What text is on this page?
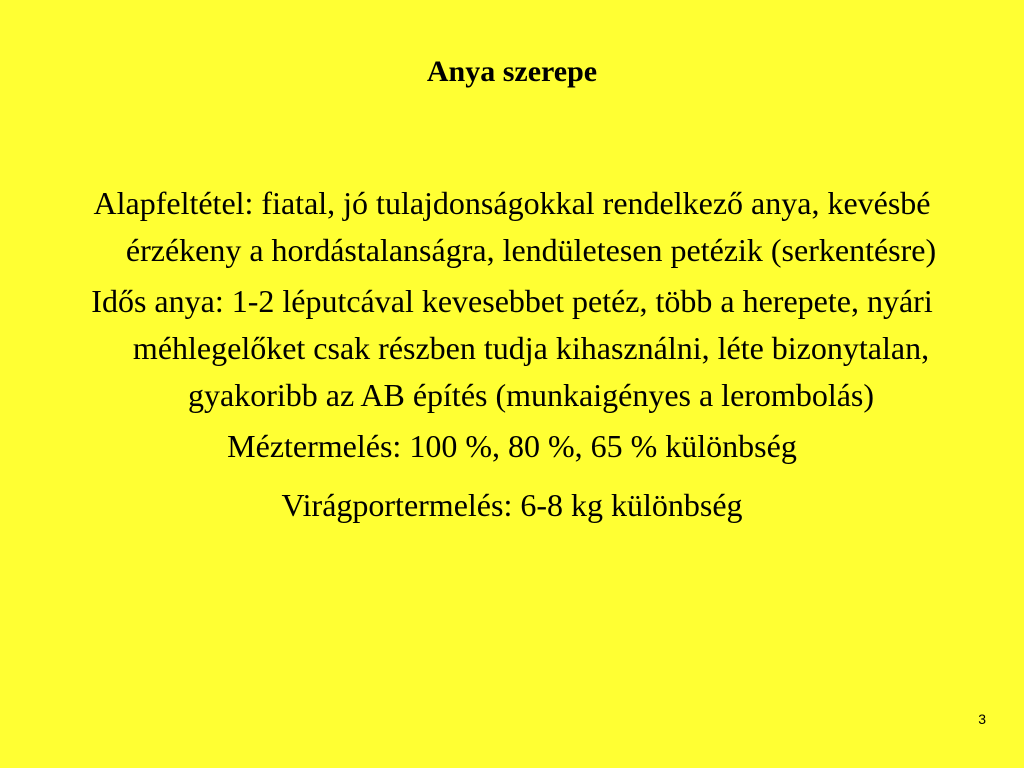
Anya szerepe

Alapfeltétel: fiatal, jó tulajdonságokkal rendelkező anya, kevésbé érzékeny a hordástalanságra, lendületesen petézik (serkentésre)

Idős anya: 1-2 léputcával kevesebbet petéz, több a herepete, nyári méhlegelőket csak részben tudja kihasználni, léte bizonytalan, gyakoribb az AB építés (munkaigényes a lerombolás)

Méztermelés: 100 %, 80 %, 65 % különbség

Virágportermelés: 6-8 kg különbség

3
